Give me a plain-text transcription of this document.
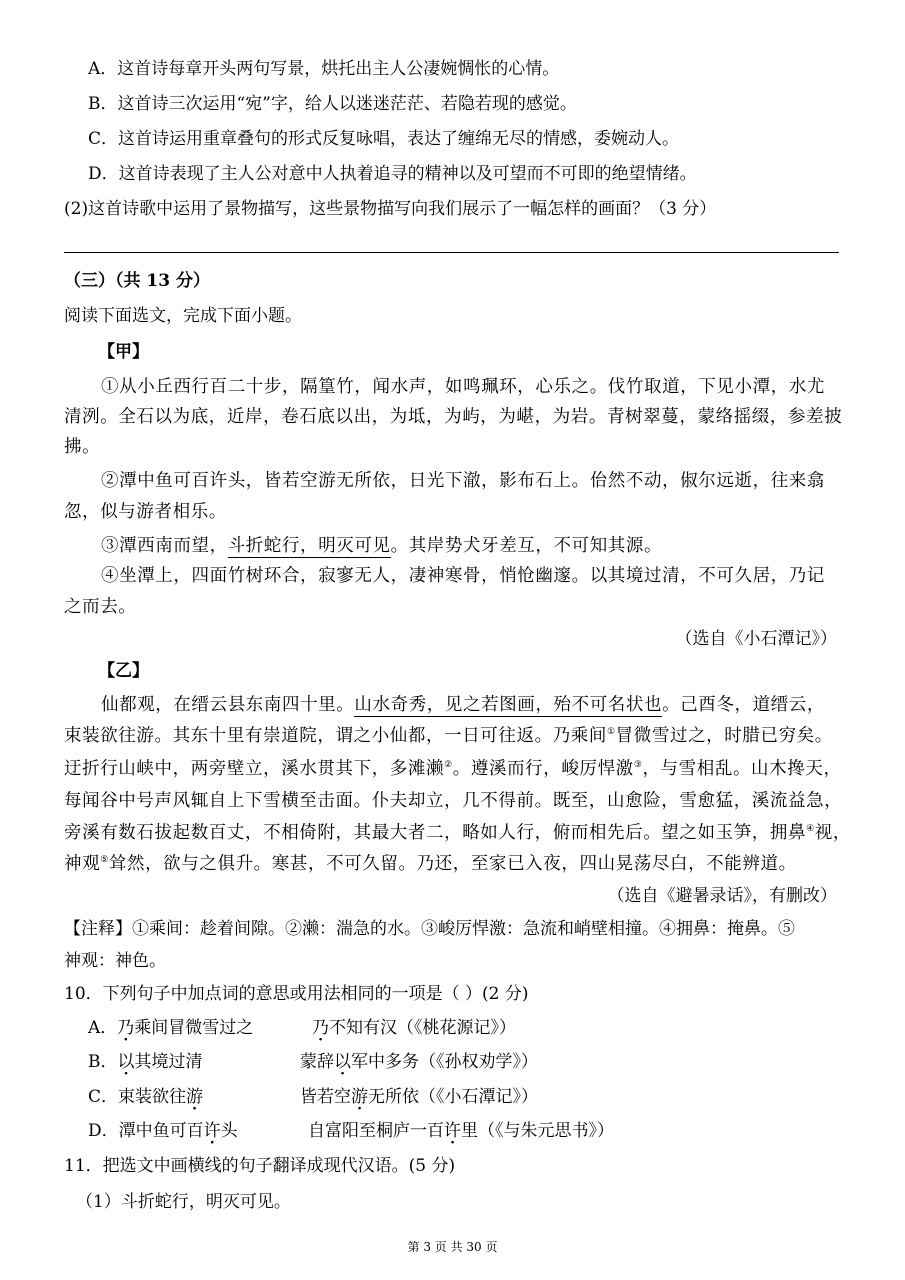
A．这首诗每章开头两句写景，烘托出主人公凄婉惆怅的心情。
B．这首诗三次运用“宛”字，给人以迷迷茫茫、若隐若现的感觉。
C．这首诗运用重章叠句的形式反复咏唱，表达了缠绵无尽的情感，委婉动人。
D．这首诗表现了主人公对意中人执着追寻的精神以及可望而不可即的绝望情绪。
(2)这首诗歌中运用了景物描写，这些景物描写向我们展示了一幅怎样的画面？（3 分）
（三）（共 13 分）
阅读下面选文，完成下面小题。
【甲】
①从小丘西行百二十步，隔篁竹，闻水声，如鸣珮环，心乐之。伐竹取道，下见小潭，水尤
清洌。全石以为底，近岸，卷石底以出，为坻，为屿，为嵁，为岩。青树翠蔓，蒙络摇缀，参差披
拂。
②潭中鱼可百许头，皆若空游无所依，日光下澈，影布石上。佁然不动，俶尔远逝，往来翕
忽，似与游者相乐。
③潭西南而望，斗折蛇行，明灭可见。其岸势犬牙差互，不可知其源。
④坐潭上，四面竹树环合，寂寥无人，凄神寒骨，悄怆幽邃。以其境过清，不可久居，乃记
之而去。
（选自《小石潭记》）
【乙】
仙都观，在缙云县东南四十里。山水奇秀，见之若图画，殆不可名状也。己酉冬，道缙云，
束装欲往游。其东十里有崇道院，谓之小仙都，一日可往返。乃乘间①冒微雪过之，时腊已穷矣。
迂折行山峡中，两旁壁立，溪水贯其下，多滩濑②。遵溪而行，峻厉悍激③，与雪相乱。山木搀天，
每闻谷中号声风辄自上下雪横至击面。仆夫却立，几不得前。既至，山愈险，雪愈猛，溪流益急，
旁溪有数石拔起数百丈，不相倚附，其最大者二，略如人行，俯而相先后。望之如玉笋，拥鼻④视，
神观⑤耸然，欲与之俱升。寒甚，不可久留。乃还，至家已入夜，四山晃荡尽白，不能辨道。
（选自《避暑录话》，有删改）
【注释】①乘间：趁着间隙。②濑：湍急的水。③峻厉悍激：急流和峭壁相撞。④拥鼻：掩鼻。⑤
神观：神色。
10．下列句子中加点词的意思或用法相同的一项是（ ）(2 分)
A．乃乘间冒微雪过之	乃不知有汉（《桃花源记》）
B．以其境过清	蒙辞以军中多务（《孙权劝学》）
C．束装欲往游	皆若空游无所依（《小石潭记》）
D．潭中鱼可百许头	自富阳至桐庐一百许里（《与朱元思书》）
11．把选文中画横线的句子翻译成现代汉语。(5 分)
（1）斗折蛇行，明灭可见。
第 3 页 共 30 页
